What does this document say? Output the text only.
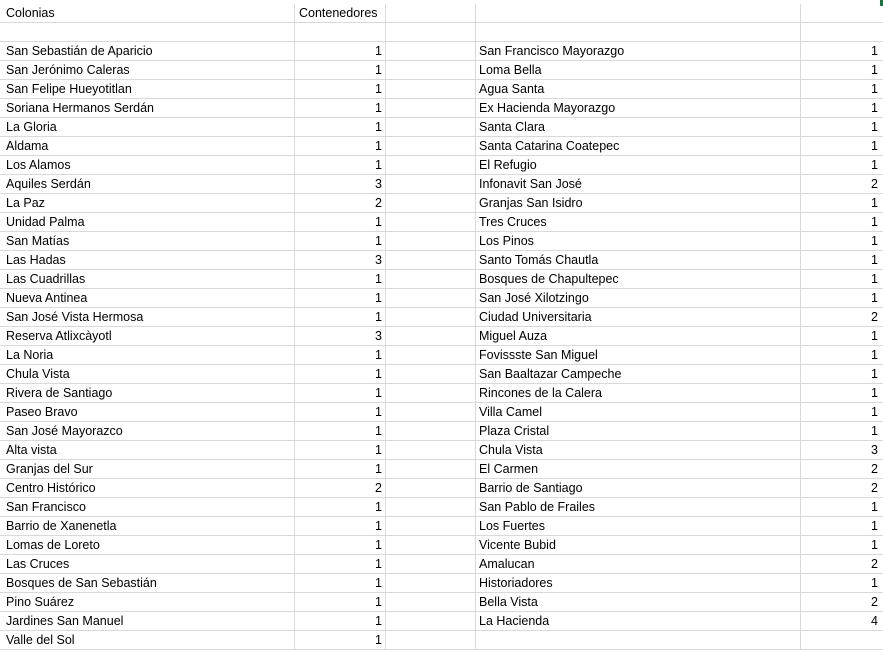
Colonias	Contenedores
San Sebastián de Aparicio	1	San Francisco Mayorazgo	1
San Jerónimo Caleras	1	Loma Bella	1
San Felipe Hueyotitlan	1	Agua Santa	1
Soriana Hermanos Serdán	1	Ex Hacienda Mayorazgo	1
La Gloria	1	Santa Clara	1
Aldama	1	Santa Catarina Coatepec	1
Los Alamos	1	El Refugio	1
Aquiles Serdán	3	Infonavit San José	2
La Paz	2	Granjas San Isidro	1
Unidad Palma	1	Tres Cruces	1
San Matías	1	Los Pinos	1
Las Hadas	3	Santo Tomás Chautla	1
Las Cuadrillas	1	Bosques de Chapultepec	1
Nueva Antinea	1	San José Xilotzingo	1
San José Vista Hermosa	1	Ciudad Universitaria	2
Reserva Atlixcàyotl	3	Miguel Auza	1
La Noria	1	Fovissste San Miguel	1
Chula Vista	1	San Baaltazar Campeche	1
Rivera de Santiago	1	Rincones de la Calera	1
Paseo Bravo	1	Villa Camel	1
San José Mayorazco	1	Plaza Cristal	1
Alta vista	1	Chula Vista	3
Granjas del Sur	1	El Carmen	2
Centro Histórico	2	Barrio de Santiago	2
San Francisco	1	San Pablo de Frailes	1
Barrio de Xanenetla	1	Los Fuertes	1
Lomas de Loreto	1	Vicente Bubid	1
Las Cruces	1	Amalucan	2
Bosques de San Sebastián	1	Historiadores	1
Pino Suárez	1	Bella Vista	2
Jardines San Manuel	1	La Hacienda	4
Valle del Sol	1
